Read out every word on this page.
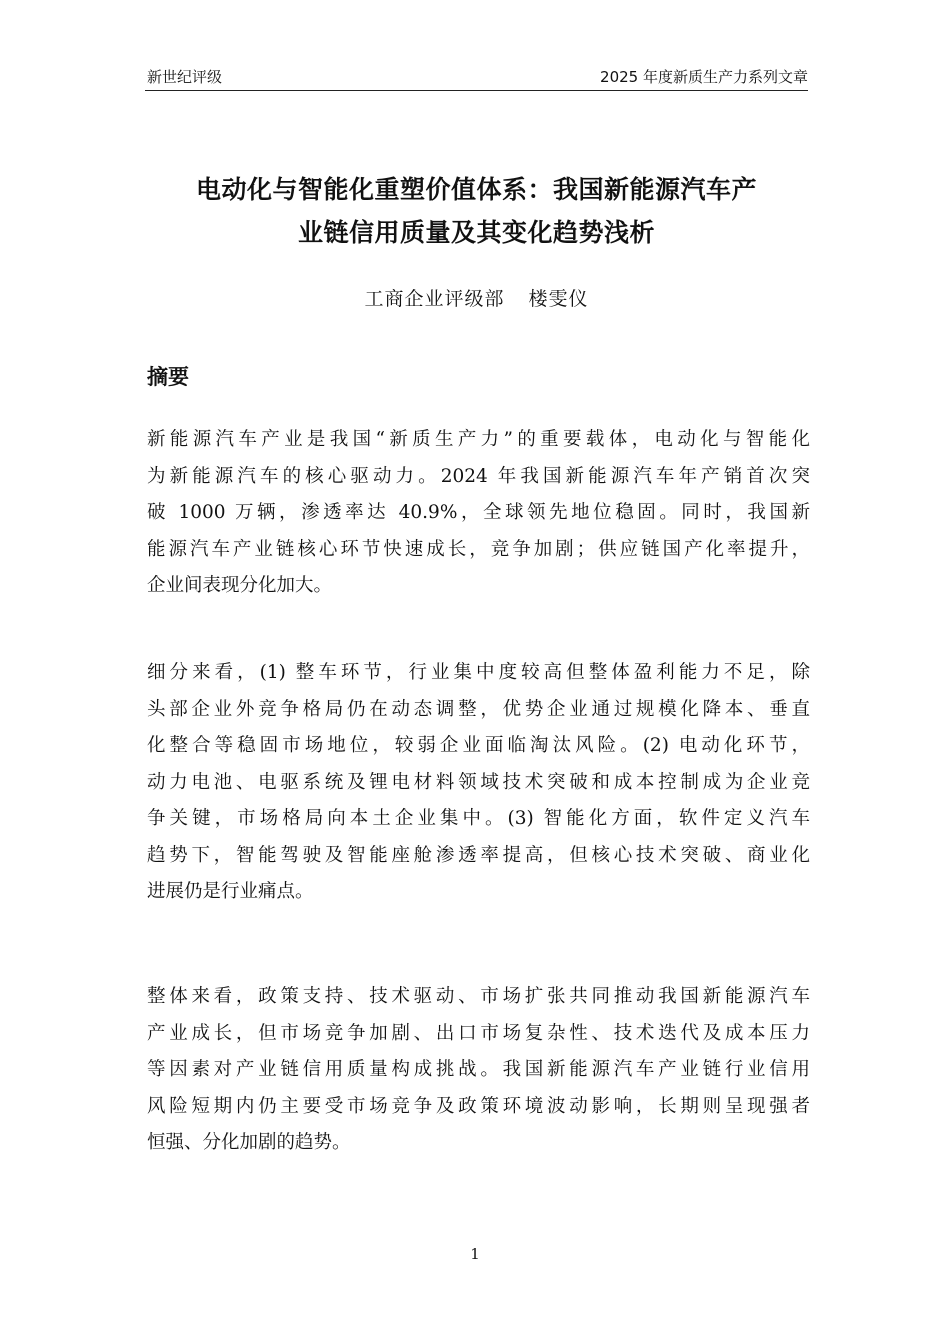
新世纪评级	2025 年度新质生产力系列文章
电动化与智能化重塑价值体系：我国新能源汽车产
业链信用质量及其变化趋势浅析
工商企业评级部 楼雯仪
摘要
新能源汽车产业是我国“新质生产力”的重要载体，电动化与智能化
为新能源汽车的核心驱动力。2024 年我国新能源汽车年产销首次突
破 1000 万辆，渗透率达 40.9%，全球领先地位稳固。同时，我国新
能源汽车产业链核心环节快速成长，竞争加剧；供应链国产化率提升，
企业间表现分化加大。
细分来看，(1) 整车环节，行业集中度较高但整体盈利能力不足，除
头部企业外竞争格局仍在动态调整，优势企业通过规模化降本、垂直
化整合等稳固市场地位，较弱企业面临淘汰风险。(2) 电动化环节，
动力电池、电驱系统及锂电材料领域技术突破和成本控制成为企业竞
争关键，市场格局向本土企业集中。(3) 智能化方面，软件定义汽车
趋势下，智能驾驶及智能座舱渗透率提高，但核心技术突破、商业化
进展仍是行业痛点。
整体来看，政策支持、技术驱动、市场扩张共同推动我国新能源汽车
产业成长，但市场竞争加剧、出口市场复杂性、技术迭代及成本压力
等因素对产业链信用质量构成挑战。我国新能源汽车产业链行业信用
风险短期内仍主要受市场竞争及政策环境波动影响，长期则呈现强者
恒强、分化加剧的趋势。
1
